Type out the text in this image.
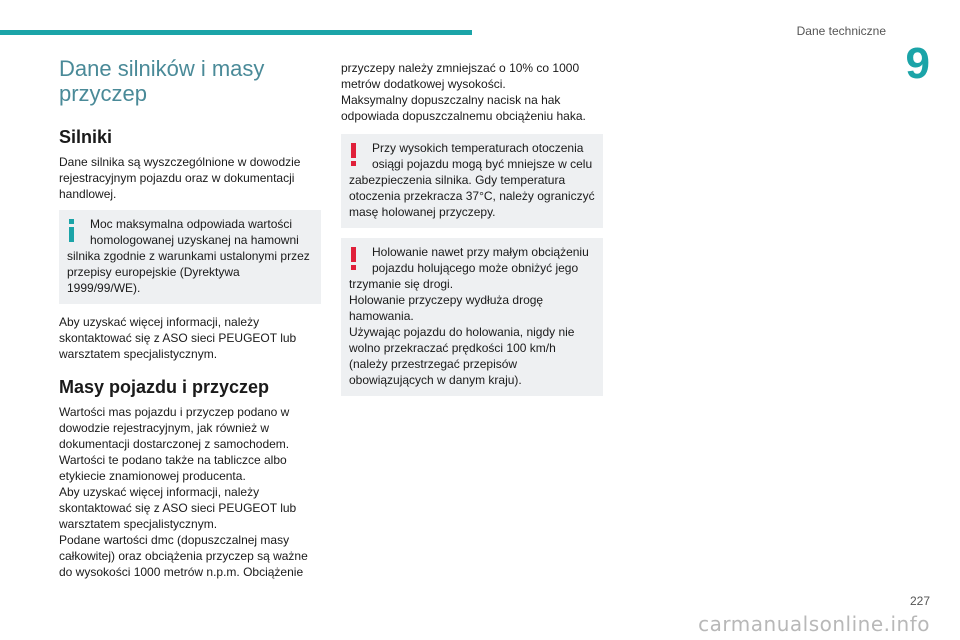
Dane techniczne
9
Dane silników i masy przyczep
Silniki

Dane silnika są wyszczególnione w dowodzie rejestracyjnym pojazdu oraz w dokumentacji handlowej.

Moc maksymalna odpowiada wartości homologowanej uzyskanej na hamowni
silnika zgodnie z warunkami ustalonymi przez przepisy europejskie (Dyrektywa 1999/99/WE).

Aby uzyskać więcej informacji, należy skontaktować się z ASO sieci PEUGEOT lub warsztatem specjalistycznym.

Masy pojazdu i przyczep
Wartości mas pojazdu i przyczep podano w dowodzie rejestracyjnym, jak również w dokumentacji dostarczonej z samochodem.
Wartości te podano także na tabliczce albo etykiecie znamionowej producenta.
Aby uzyskać więcej informacji, należy skontaktować się z ASO sieci PEUGEOT lub warsztatem specjalistycznym.
Podane wartości dmc (dopuszczalnej masy całkowitej) oraz obciążenia przyczep są ważne do wysokości 1000 metrów n.p.m. Obciążenie
przyczepy należy zmniejszać o 10% co 1000 metrów dodatkowej wysokości.
Maksymalny dopuszczalny nacisk na hak odpowiada dopuszczalnemu obciążeniu haka.
Przy wysokich temperaturach otoczenia osiągi pojazdu mogą być mniejsze w celu
zabezpieczenia silnika. Gdy temperatura otoczenia przekracza 37°C, należy ograniczyć masę holowanej przyczepy.
Holowanie nawet przy małym obciążeniu pojazdu holującego może obniżyć jego
trzymanie się drogi.
Holowanie przyczepy wydłuża drogę hamowania.
Używając pojazdu do holowania, nigdy nie wolno przekraczać prędkości 100 km/h (należy przestrzegać przepisów obowiązujących w danym kraju).
carmanualsonline.info
227
